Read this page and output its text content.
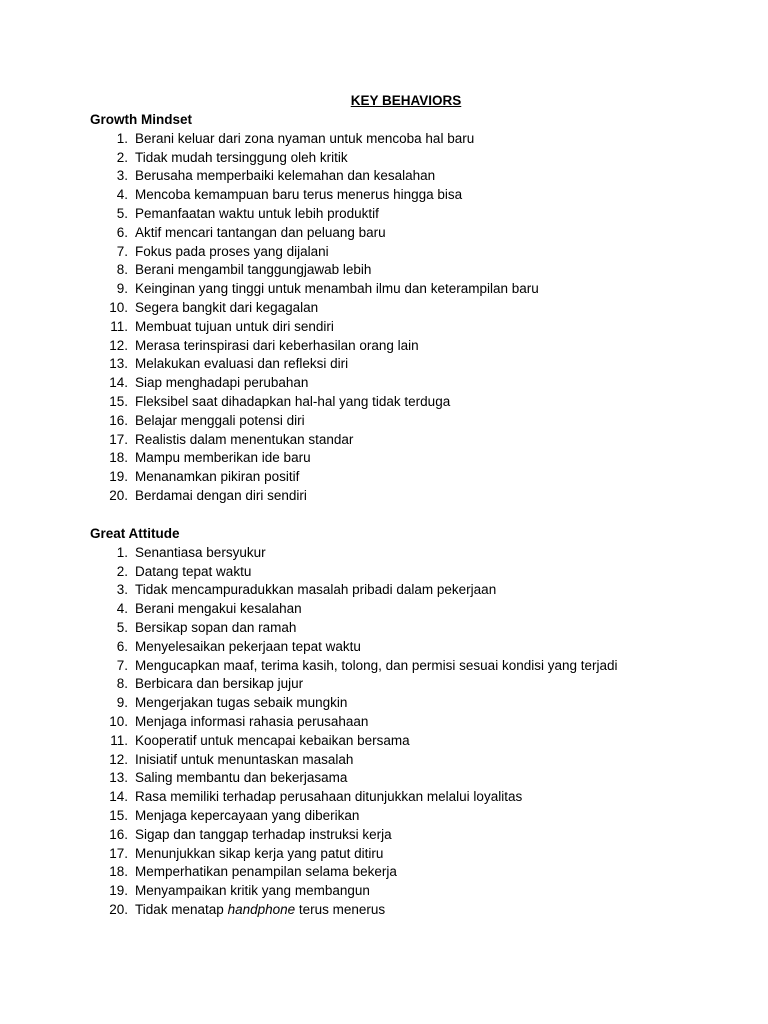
KEY BEHAVIORS
Growth Mindset
1. Berani keluar dari zona nyaman untuk mencoba hal baru
2. Tidak mudah tersinggung oleh kritik
3. Berusaha memperbaiki kelemahan dan kesalahan
4. Mencoba kemampuan baru terus menerus hingga bisa
5. Pemanfaatan waktu untuk lebih produktif
6. Aktif mencari tantangan dan peluang baru
7. Fokus pada proses yang dijalani
8. Berani mengambil tanggungjawab lebih
9. Keinginan yang tinggi untuk menambah ilmu dan keterampilan baru
10. Segera bangkit dari kegagalan
11. Membuat tujuan untuk diri sendiri
12. Merasa terinspirasi dari keberhasilan orang lain
13. Melakukan evaluasi dan refleksi diri
14. Siap menghadapi perubahan
15. Fleksibel saat dihadapkan hal-hal yang tidak terduga
16. Belajar menggali potensi diri
17. Realistis dalam menentukan standar
18. Mampu memberikan ide baru
19. Menanamkan pikiran positif
20. Berdamai dengan diri sendiri
Great Attitude
1. Senantiasa bersyukur
2. Datang tepat waktu
3. Tidak mencampuradukkan masalah pribadi dalam pekerjaan
4. Berani mengakui kesalahan
5. Bersikap sopan dan ramah
6. Menyelesaikan pekerjaan tepat waktu
7. Mengucapkan maaf, terima kasih, tolong, dan permisi sesuai kondisi yang terjadi
8. Berbicara dan bersikap jujur
9. Mengerjakan tugas sebaik mungkin
10. Menjaga informasi rahasia perusahaan
11. Kooperatif untuk mencapai kebaikan bersama
12. Inisiatif untuk menuntaskan masalah
13. Saling membantu dan bekerjasama
14. Rasa memiliki terhadap perusahaan ditunjukkan melalui loyalitas
15. Menjaga kepercayaan yang diberikan
16. Sigap dan tanggap terhadap instruksi kerja
17. Menunjukkan sikap kerja yang patut ditiru
18. Memperhatikan penampilan selama bekerja
19. Menyampaikan kritik yang membangun
20. Tidak menatap handphone terus menerus
